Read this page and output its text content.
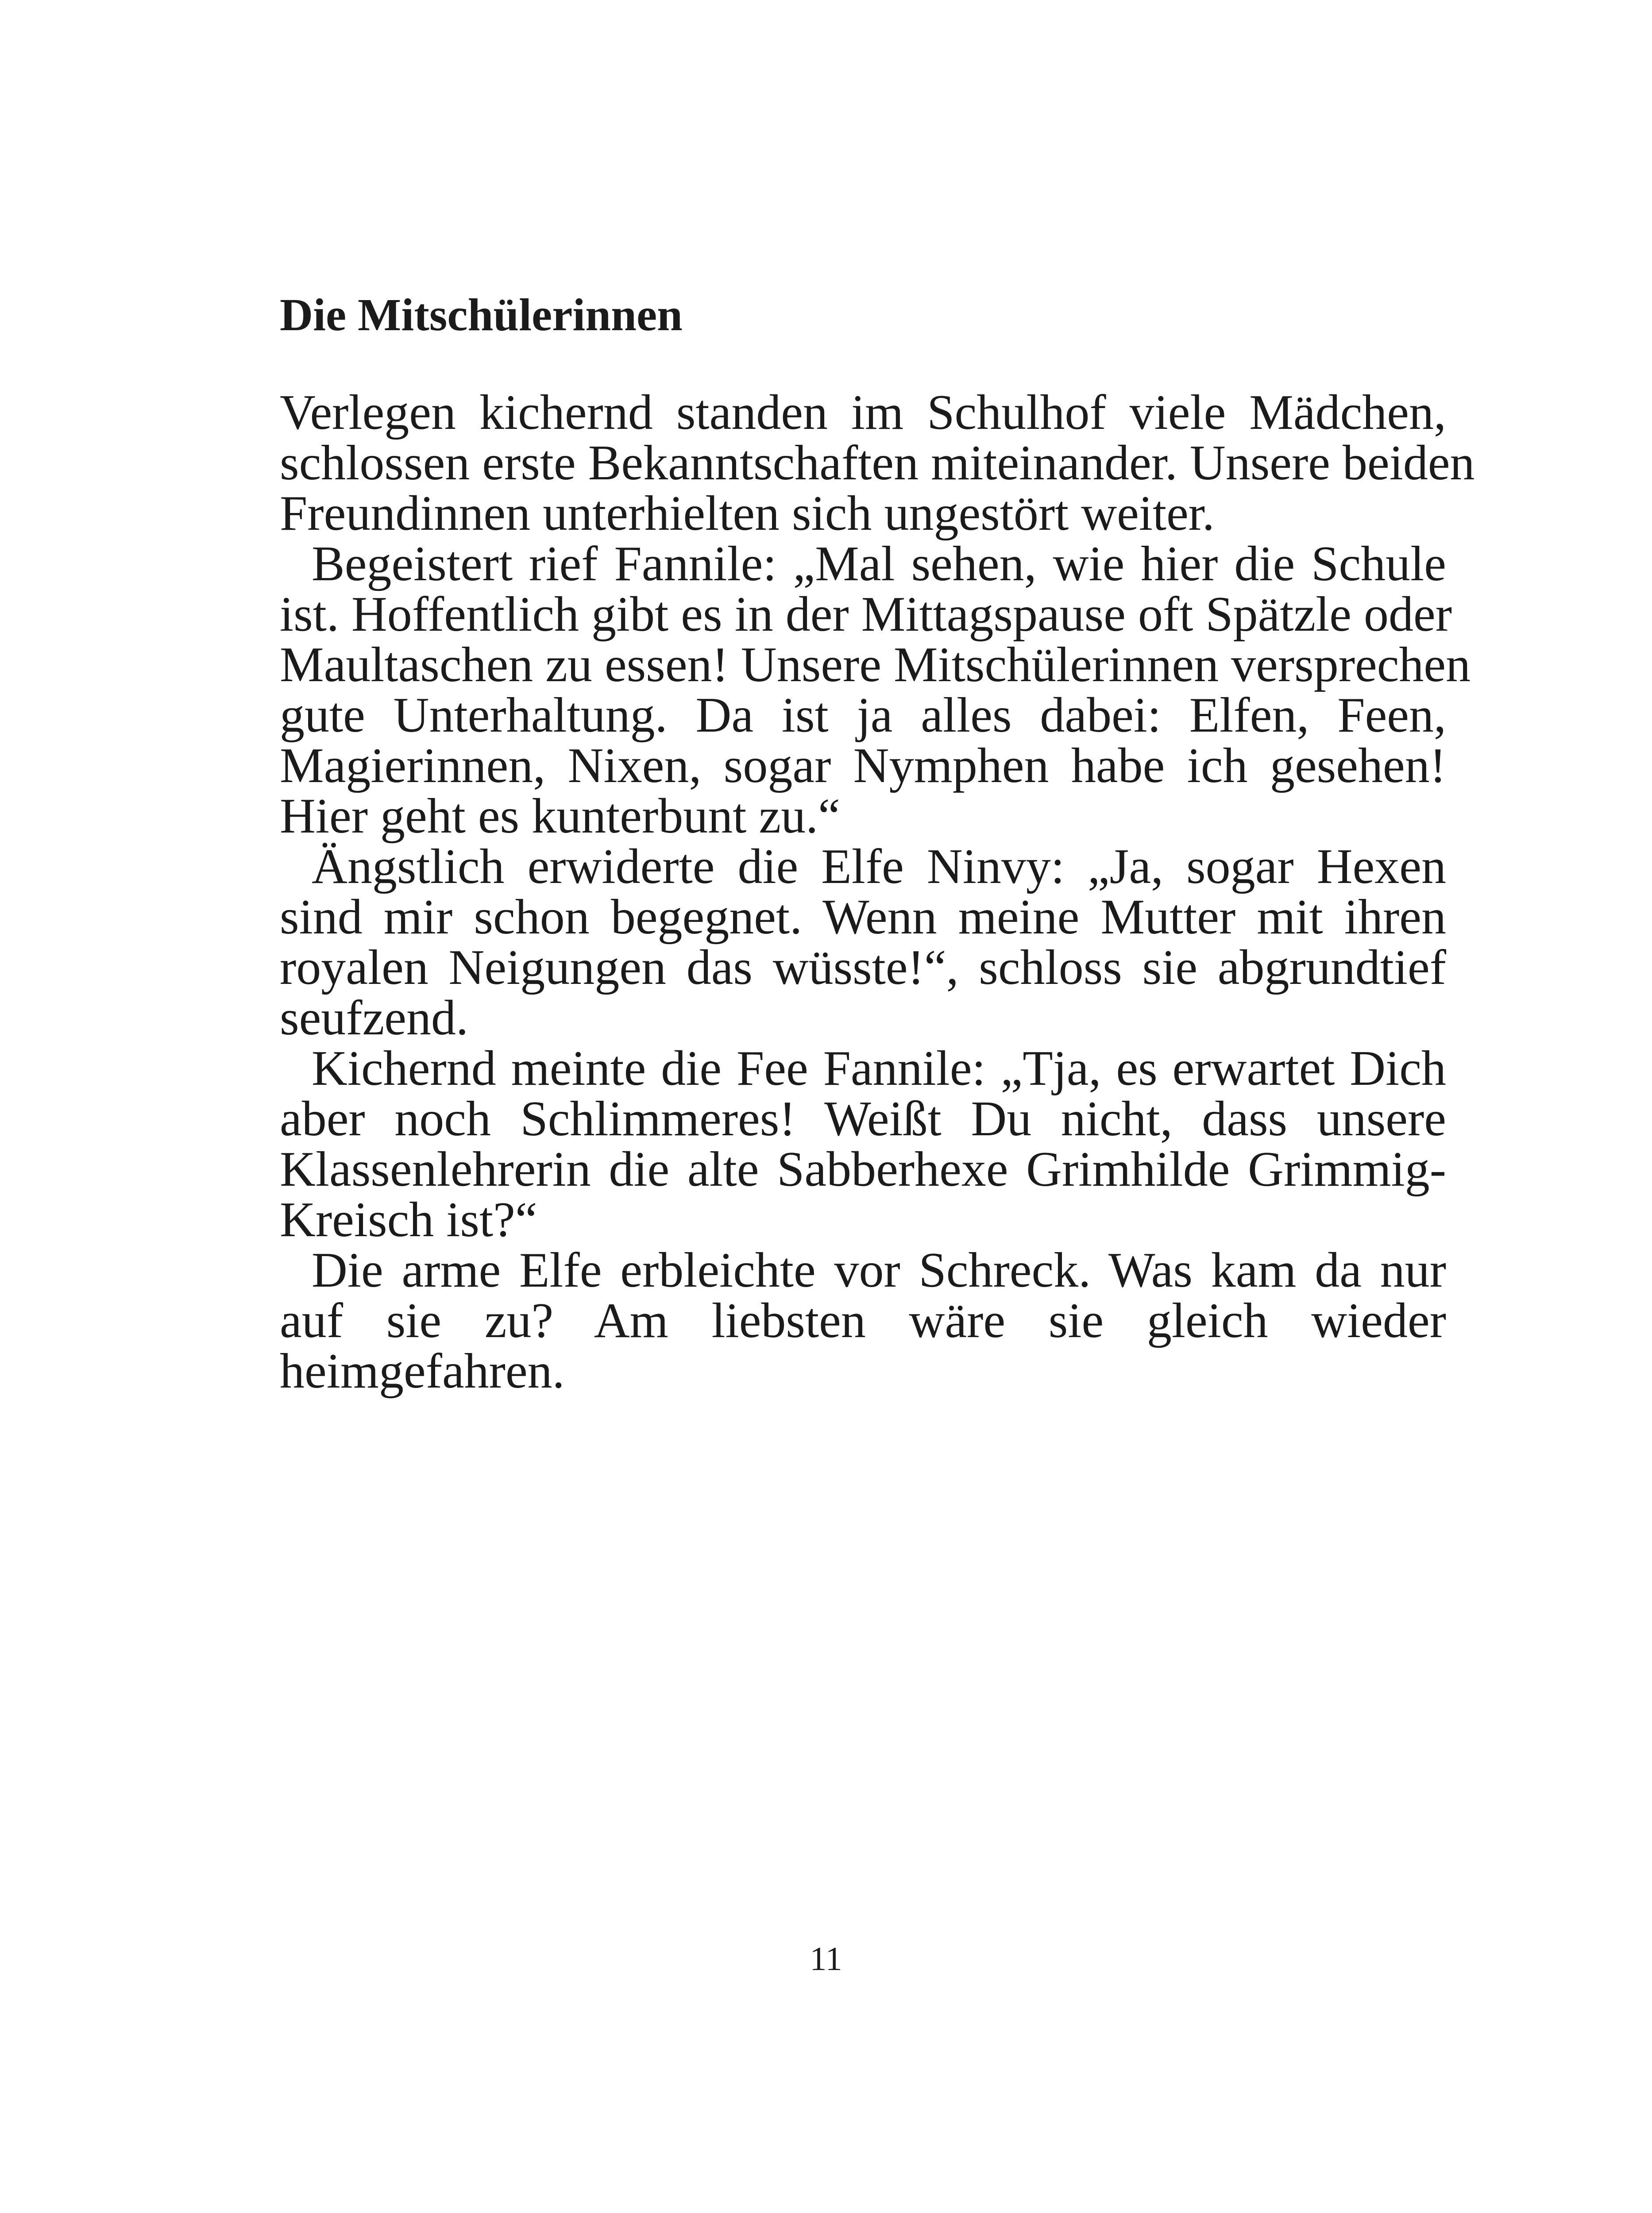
Die Mitschülerinnen
Verlegen kichernd standen im Schulhof viele Mädchen,
schlossen erste Bekanntschaften miteinander. Unsere beiden
Freundinnen unterhielten sich ungestört weiter.
Begeistert rief Fannile: „Mal sehen, wie hier die Schule
ist. Hoffentlich gibt es in der Mittagspause oft Spätzle oder
Maultaschen zu essen! Unsere Mitschülerinnen versprechen
gute Unterhaltung. Da ist ja alles dabei: Elfen, Feen,
Magierinnen, Nixen, sogar Nymphen habe ich gesehen!
Hier geht es kunterbunt zu.“
Ängstlich erwiderte die Elfe Ninvy: „Ja, sogar Hexen
sind mir schon begegnet. Wenn meine Mutter mit ihren
royalen Neigungen das wüsste!“, schloss sie abgrundtief
seufzend.
Kichernd meinte die Fee Fannile: „Tja, es erwartet Dich
aber noch Schlimmeres! Weißt Du nicht, dass unsere
Klassenlehrerin die alte Sabberhexe Grimhilde Grimmig-
Kreisch ist?“
Die arme Elfe erbleichte vor Schreck. Was kam da nur
auf sie zu? Am liebsten wäre sie gleich wieder
heimgefahren.
11
